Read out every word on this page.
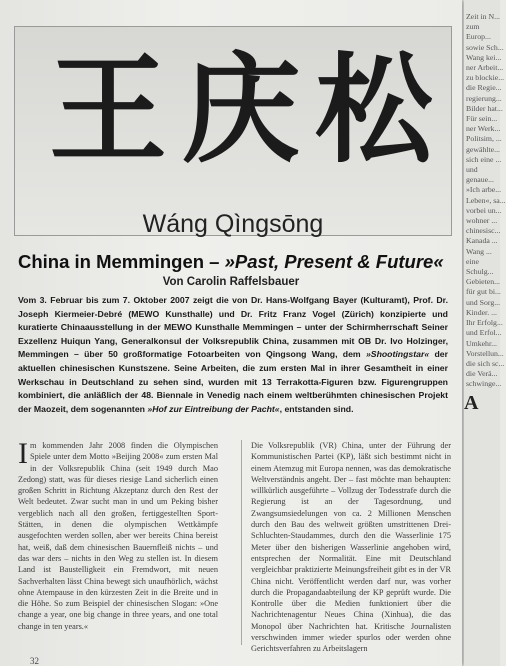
王 庆 松
Wáng Qìngsōng
China in Memmingen – »Past, Present & Future«
Von Carolin Raffelsbauer
Vom 3. Februar bis zum 7. Oktober 2007 zeigt die von Dr. Hans-Wolfgang Bayer (Kulturamt), Prof. Dr. Joseph Kiermeier-Debré (MEWO Kunsthalle) und Dr. Fritz Franz Vogel (Zürich) konzipierte und kuratierte Chinaausstellung in der MEWO Kunsthalle Memmingen – unter der Schirmherrschaft Seiner Exzellenz Huiqun Yang, Generalkonsul der Volksrepublik China, zusammen mit OB Dr. Ivo Holzinger, Memmingen – über 50 großformatige Fotoarbeiten von Qingsong Wang, dem »Shootingstar« der aktuellen chinesischen Kunstszene. Seine Arbeiten, die zum ersten Mal in ihrer Gesamtheit in einer Werkschau in Deutschland zu sehen sind, wurden mit 13 Terrakotta-Figuren bzw. Figurengruppen kombiniert, die anläßlich der 48. Biennale in Venedig nach einem weltberühmten chinesischen Projekt der Maozeit, dem sogenannten »Hof zur Eintreibung der Pacht«, entstanden sind.
Im kommenden Jahr 2008 finden die Olympischen Spiele unter dem Motto »Beijing 2008« zum ersten Mal in der Volksrepublik China (seit 1949 durch Mao Zedong) statt, was für dieses riesige Land sicherlich einen großen Schritt in Richtung Akzeptanz durch den Rest der Welt bedeutet. Zwar sucht man in und um Peking bisher vergeblich nach all den großen, fertiggestellten Sport-Stätten, in denen die olympischen Wettkämpfe ausgefochten werden sollen, aber wer bereits China bereist hat, weiß, daß dem chinesischen Bauernfleiß nichts – und das war ders – nichts in den Weg zu stellen ist. In diesem Land ist Baustelligkeit ein Fremdwort, mit neuen Sachverhalten lässt China bewegt sich unaufhörlich, wächst ohne Atempause in den kürzesten Zeit in die Breite und in die Höhe. So zum Beispiel der chinesischen Slogan: »One change a year, one big change in three years, and one total change in ten years.«
Die Volksrepublik (VR) China, unter der Führung der Kommunistischen Partei (KP), läßt sich bestimmt nicht in einem Atemzug mit Europa nennen, was das demokratische Weltverständnis angeht. Der – fast möchte man behaupten: willkürlich ausgeführte – Vollzug der Todesstrafe durch die Regierung ist an der Tagesordnung, und Zwangsumsiedelungen von ca. 2 Millionen Menschen durch den Bau des weltweit größten umstrittenen Drei-Schluchten-Staudammes, durch den die Wasserlinie 175 Meter über den bisherigen Wasserlinie angehoben wird, entsprechen der Normalität. Eine mit Deutschland vergleichbar praktizierte Meinungsfreiheit gibt es in der VR China nicht. Veröffentlicht werden darf nur, was vorher durch die Propagandaabteilung der KP geprüft wurde. Die Kontrolle über die Medien funktioniert über die Nachrichtenagentur Neues China (Xinhua), die das Monopol über Nachrichten hat. Kritische Journalisten verschwinden immer wieder spurlos oder werden ohne Gerichtsverfahren zu Arbeitslagern
32
Zeit in N... zum Europ... sowie Sch... Wang kei... ner Arbeit... zu blockie... die Regie... regierung... Bilder hat... Für sein... ner Werk... Politsim, ... gewählte... sich eine ... und genaue... »Ich arbe... Leben«, sa... vorbei un... wohner ... chinesisc... Kanada ... Wang ... eine Schulg... Gebieten... für gut bi... und Sorg... Kinder. ... Ihr Erfolg... und Erfol... Umkehr... Vorstellun... die sich sc... die Verä... schwinge...
A
